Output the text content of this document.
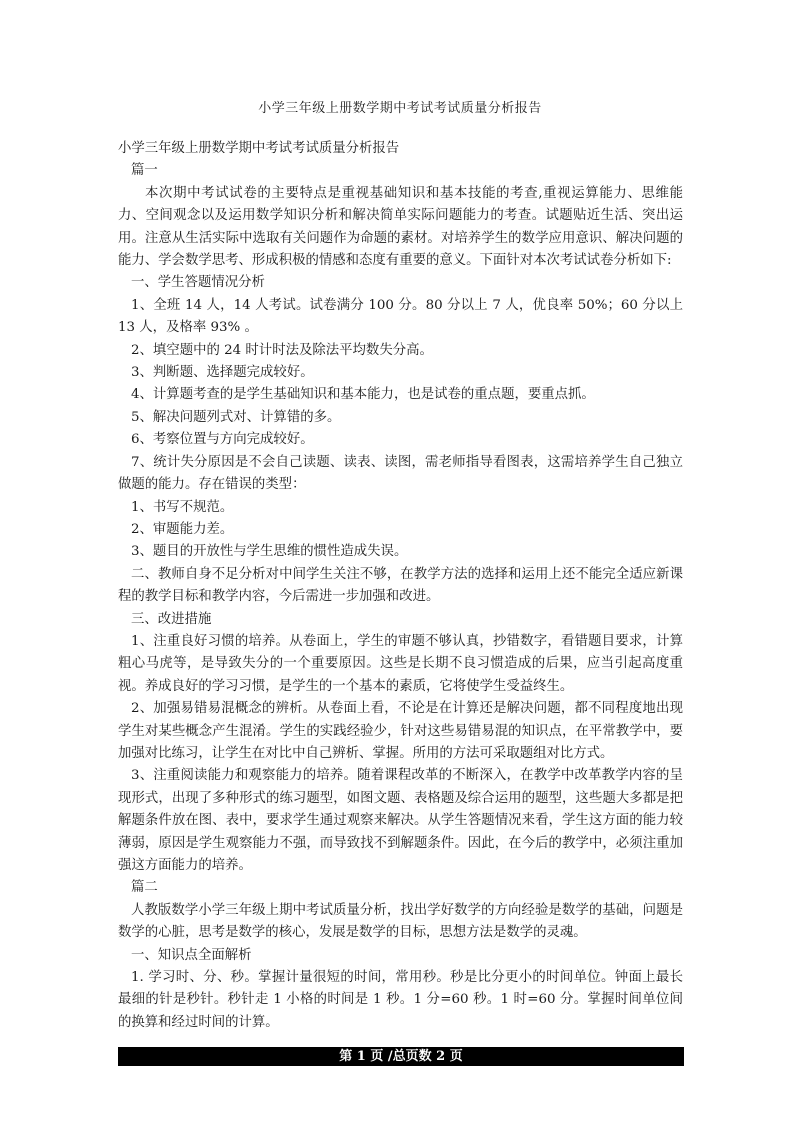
小学三年级上册数学期中考试考试质量分析报告

小学三年级上册数学期中考试考试质量分析报告

篇一

本次期中考试试卷的主要特点是重视基础知识和基本技能的考查,重视运算能力、思维能力、空间观念以及运用数学知识分析和解决简单实际问题能力的考查。试题贴近生活、突出运用。注意从生活实际中选取有关问题作为命题的素材。对培养学生的数学应用意识、解决问题的能力、学会数学思考、形成积极的情感和态度有重要的意义。下面针对本次考试试卷分析如下:

一、学生答题情况分析

1、全班 14 人，14 人考试。试卷满分 100 分。80 分以上 7 人，优良率 50%；60 分以上 13 人，及格率 93% 。

2、填空题中的 24 时计时法及除法平均数失分高。

3、判断题、选择题完成较好。

4、计算题考查的是学生基础知识和基本能力，也是试卷的重点题，要重点抓。

5、解决问题列式对、计算错的多。

6、考察位置与方向完成较好。

7、统计失分原因是不会自己读题、读表、读图，需老师指导看图表，这需培养学生自己独立做题的能力。存在错误的类型：

1、书写不规范。

2、审题能力差。

3、题目的开放性与学生思维的惯性造成失误。

二、教师自身不足分析对中间学生关注不够，在教学方法的选择和运用上还不能完全适应新课程的教学目标和教学内容，今后需进一步加强和改进。

三、改进措施

1、注重良好习惯的培养。从卷面上，学生的审题不够认真，抄错数字，看错题目要求，计算粗心马虎等，是导致失分的一个重要原因。这些是长期不良习惯造成的后果，应当引起高度重视。养成良好的学习习惯，是学生的一个基本的素质，它将使学生受益终生。

2、加强易错易混概念的辨析。从卷面上看，不论是在计算还是解决问题，都不同程度地出现学生对某些概念产生混淆。学生的实践经验少，针对这些易错易混的知识点，在平常教学中，要加强对比练习，让学生在对比中自己辨析、掌握。所用的方法可采取题组对比方式。

3、注重阅读能力和观察能力的培养。随着课程改革的不断深入，在教学中改革教学内容的呈现形式，出现了多种形式的练习题型，如图文题、表格题及综合运用的题型，这些题大多都是把解题条件放在图、表中，要求学生通过观察来解决。从学生答题情况来看，学生这方面的能力较薄弱，原因是学生观察能力不强，而导致找不到解题条件。因此，在今后的教学中，必须注重加强这方面能力的培养。

篇二

人教版数学小学三年级上期中考试质量分析，找出学好数学的方向经验是数学的基础，问题是数学的心脏，思考是数学的核心，发展是数学的目标，思想方法是数学的灵魂。

一、知识点全面解析

1. 学习时、分、秒。掌握计量很短的时间，常用秒。秒是比分更小的时间单位。钟面上最长最细的针是秒针。秒针走 1 小格的时间是 1 秒。1 分=60 秒。1 时=60 分。掌握时间单位间的换算和经过时间的计算。

第 1 页 /总页数 2 页
